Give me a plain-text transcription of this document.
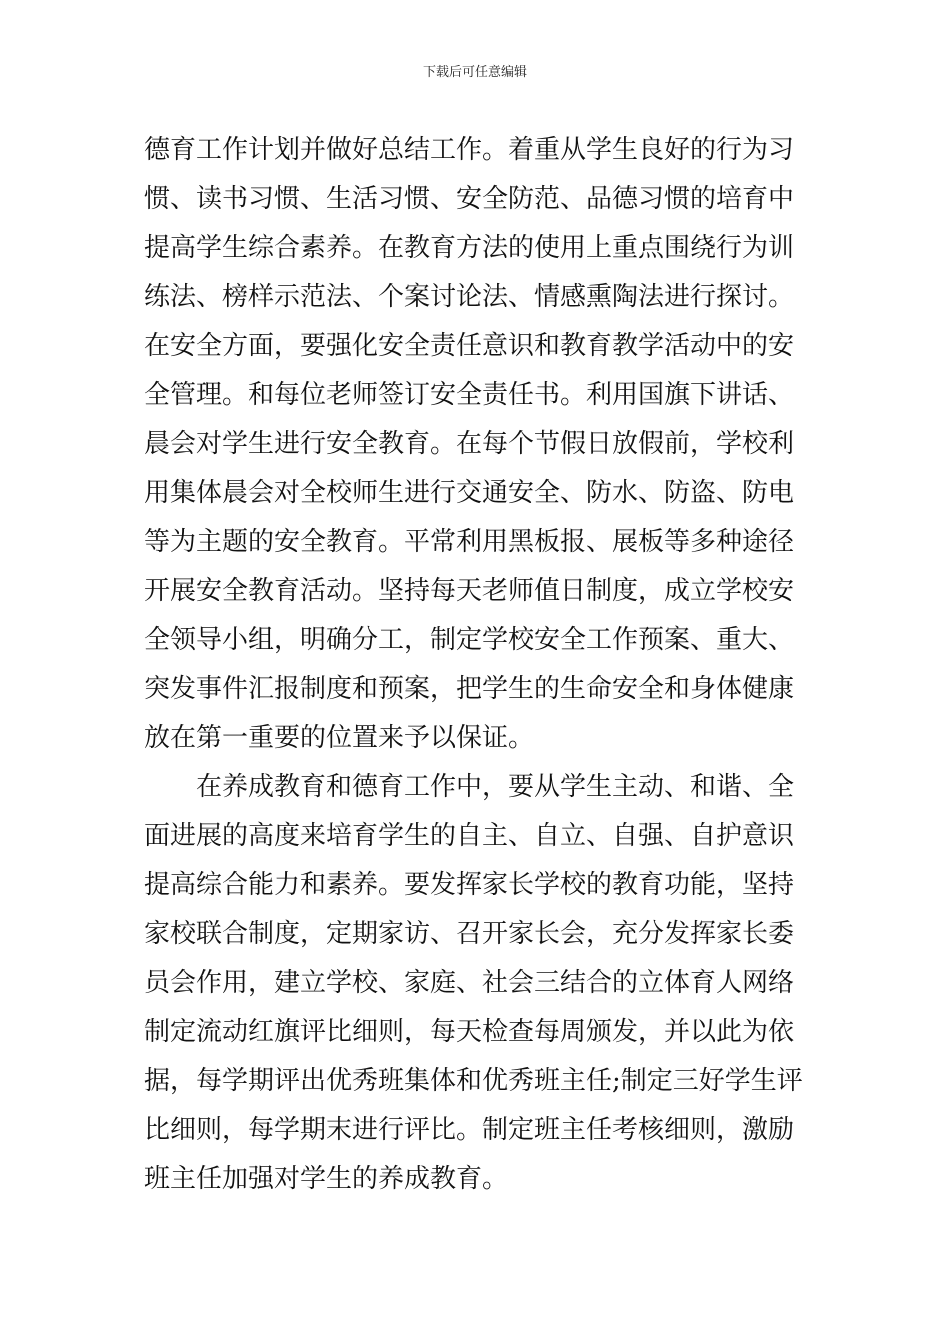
下载后可任意编辑
德育工作计划并做好总结工作。着重从学生良好的行为习
惯、读书习惯、生活习惯、安全防范、品德习惯的培育中
提高学生综合素养。在教育方法的使用上重点围绕行为训
练法、榜样示范法、个案讨论法、情感熏陶法进行探讨。
在安全方面，要强化安全责任意识和教育教学活动中的安
全管理。和每位老师签订安全责任书。利用国旗下讲话、
晨会对学生进行安全教育。在每个节假日放假前，学校利
用集体晨会对全校师生进行交通安全、防水、防盗、防电
等为主题的安全教育。平常利用黑板报、展板等多种途径
开展安全教育活动。坚持每天老师值日制度，成立学校安
全领导小组，明确分工，制定学校安全工作预案、重大、
突发事件汇报制度和预案，把学生的生命安全和身体健康
放在第一重要的位置来予以保证。
在养成教育和德育工作中，要从学生主动、和谐、全
面进展的高度来培育学生的自主、自立、自强、自护意识
提高综合能力和素养。要发挥家长学校的教育功能，坚持
家校联合制度，定期家访、召开家长会，充分发挥家长委
员会作用，建立学校、家庭、社会三结合的立体育人网络
制定流动红旗评比细则，每天检查每周颁发，并以此为依
据，每学期评出优秀班集体和优秀班主任;制定三好学生评
比细则，每学期末进行评比。制定班主任考核细则，激励
班主任加强对学生的养成教育。
